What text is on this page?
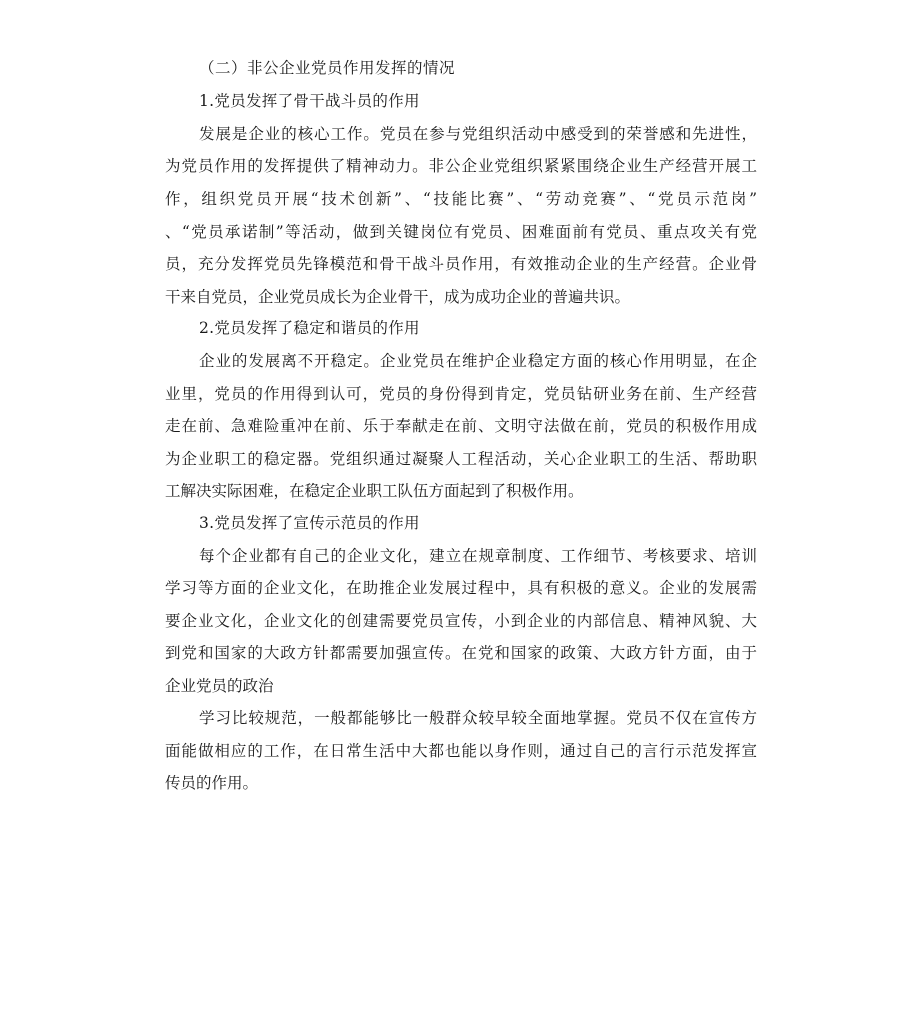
（二）非公企业党员作用发挥的情况
1.党员发挥了骨干战斗员的作用
发展是企业的核心工作。党员在参与党组织活动中感受到的荣誉感和先进性，
为党员作用的发挥提供了精神动力。非公企业党组织紧紧围绕企业生产经营开展工
作，组织党员开展“技术创新”、“技能比赛”、“劳动竞赛”、“党员示范岗”
、“党员承诺制”等活动，做到关键岗位有党员、困难面前有党员、重点攻关有党
员，充分发挥党员先锋模范和骨干战斗员作用，有效推动企业的生产经营。企业骨
干来自党员，企业党员成长为企业骨干，成为成功企业的普遍共识。
2.党员发挥了稳定和谐员的作用
企业的发展离不开稳定。企业党员在维护企业稳定方面的核心作用明显，在企
业里，党员的作用得到认可，党员的身份得到肯定，党员钻研业务在前、生产经营
走在前、急难险重冲在前、乐于奉献走在前、文明守法做在前，党员的积极作用成
为企业职工的稳定器。党组织通过凝聚人工程活动，关心企业职工的生活、帮助职
工解决实际困难，在稳定企业职工队伍方面起到了积极作用。
3.党员发挥了宣传示范员的作用
每个企业都有自己的企业文化，建立在规章制度、工作细节、考核要求、培训
学习等方面的企业文化，在助推企业发展过程中，具有积极的意义。企业的发展需
要企业文化，企业文化的创建需要党员宣传，小到企业的内部信息、精神风貌、大
到党和国家的大政方针都需要加强宣传。在党和国家的政策、大政方针方面，由于
企业党员的政治
学习比较规范，一般都能够比一般群众较早较全面地掌握。党员不仅在宣传方
面能做相应的工作，在日常生活中大都也能以身作则，通过自己的言行示范发挥宣
传员的作用。
